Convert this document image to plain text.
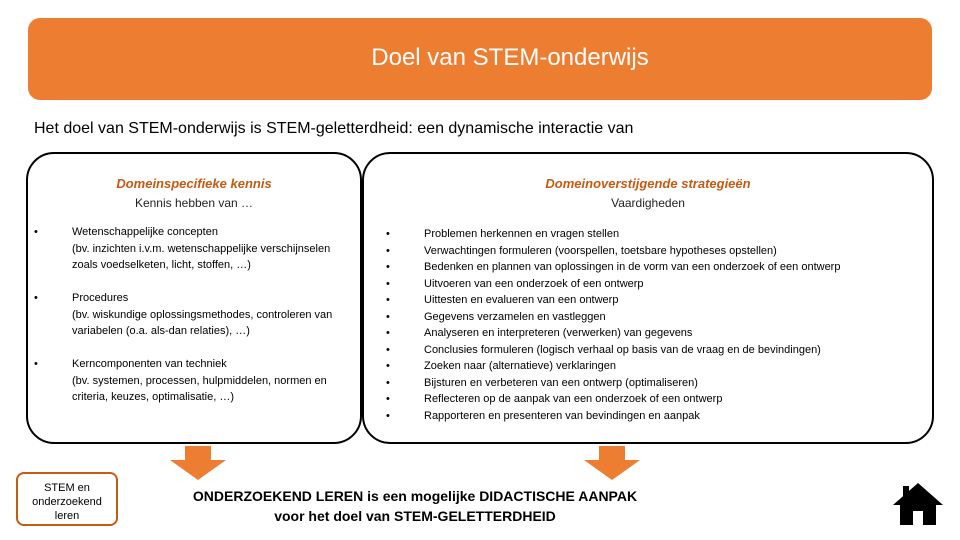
Doel van STEM-onderwijs
Het doel van STEM-onderwijs is STEM-geletterdheid: een dynamische interactie van
Domeinspecifieke kennis
Kennis hebben van …
•	Wetenschappelijke concepten
(bv. inzichten i.v.m. wetenschappelijke verschijnselen zoals voedselketen, licht, stoffen, …)
•	Procedures
(bv. wiskundige oplossingsmethodes, controleren van variabelen (o.a. als-dan relaties), …)
•	Kerncomponenten van techniek
(bv. systemen, processen, hulpmiddelen, normen en criteria, keuzes, optimalisatie, …)
Domeinoverstijgende strategieën
Vaardigheden
•	Problemen herkennen en vragen stellen
•	Verwachtingen formuleren (voorspellen, toetsbare hypotheses opstellen)
•	Bedenken en plannen van oplossingen in de vorm van een onderzoek of een ontwerp
•	Uitvoeren van een onderzoek of een ontwerp
•	Uittesten en evalueren van een ontwerp
•	Gegevens verzamelen en vastleggen
•	Analyseren en interpreteren (verwerken) van gegevens
•	Conclusies formuleren (logisch verhaal op basis van de vraag en de bevindingen)
•	Zoeken naar (alternatieve) verklaringen
•	Bijsturen en verbeteren van een ontwerp (optimaliseren)
•	Reflecteren op de aanpak van een onderzoek of een ontwerp
•	Rapporteren en presenteren van bevindingen en aanpak
STEM en
onderzoekend
leren
ONDERZOEKEND LEREN is een mogelijke DIDACTISCHE AANPAK
voor het doel van STEM-GELETTERDHEID
